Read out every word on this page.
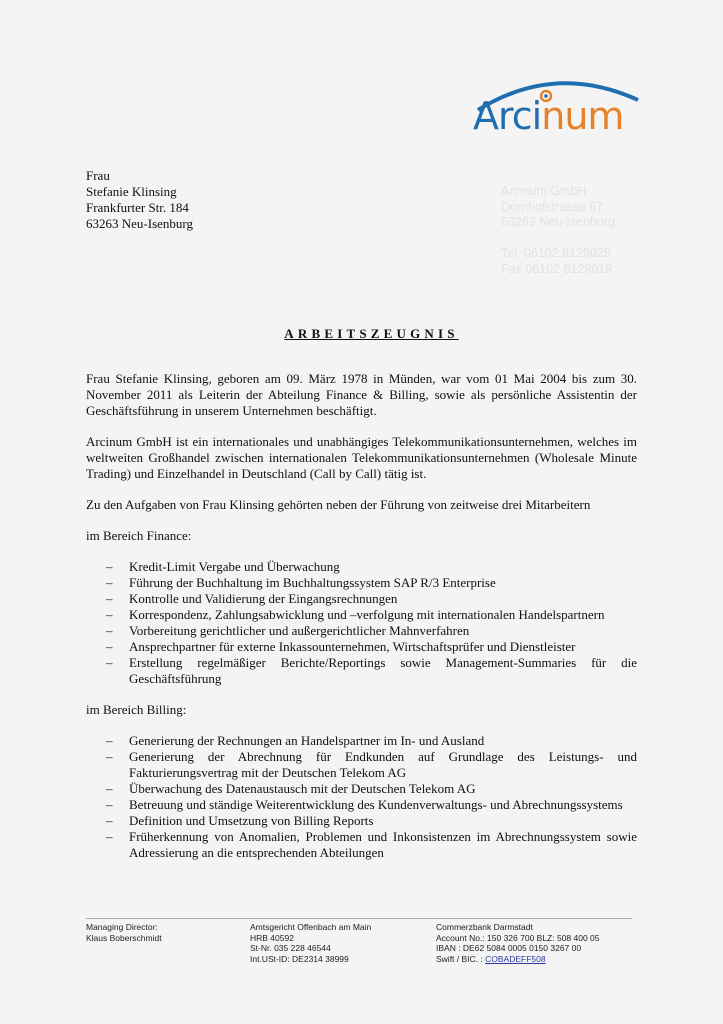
Arcinum
Frau
Stefanie Klinsing
Frankfurter Str. 184
63263 Neu-Isenburg
Arcinum GmbH
Dornhofstrasse 67
63263 Neu-Isenburg

Tel: 06102 8129025
Fax 06102 8129019
ARBEITSZEUGNIS

Frau Stefanie Klinsing, geboren am 09. März 1978 in Münden, war vom 01 Mai 2004 bis zum 30. November 2011 als Leiterin der Abteilung Finance & Billing, sowie als persönliche Assistentin der Geschäftsführung in unserem Unternehmen beschäftigt.

Arcinum GmbH ist ein internationales und unabhängiges Telekommunikationsunternehmen, welches im weltweiten Großhandel zwischen internationalen Telekommunikationsunternehmen (Wholesale Minute Trading) und Einzelhandel in Deutschland (Call by Call) tätig ist.

Zu den Aufgaben von Frau Klinsing gehörten neben der Führung von zeitweise drei Mitarbeitern

im Bereich Finance:

– Kredit-Limit Vergabe und Überwachung
– Führung der Buchhaltung im Buchhaltungssystem SAP R/3 Enterprise
– Kontrolle und Validierung der Eingangsrechnungen
– Korrespondenz, Zahlungsabwicklung und –verfolgung mit internationalen Handelspartnern
– Vorbereitung gerichtlicher und außergerichtlicher Mahnverfahren
– Ansprechpartner für externe Inkassounternehmen, Wirtschaftsprüfer und Dienstleister
– Erstellung regelmäßiger Berichte/Reportings sowie Management-Summaries für die Geschäftsführung

im Bereich Billing:

– Generierung der Rechnungen an Handelspartner im In- und Ausland
– Generierung der Abrechnung für Endkunden auf Grundlage des Leistungs- und Fakturierungsvertrag mit der Deutschen Telekom AG
– Überwachung des Datenaustausch mit der Deutschen Telekom AG
– Betreuung und ständige Weiterentwicklung des Kundenverwaltungs- und Abrechnungssystems
– Definition und Umsetzung von Billing Reports
– Früherkennung von Anomalien, Problemen und Inkonsistenzen im Abrechnungssystem sowie Adressierung an die entsprechenden Abteilungen
Managing Director:
Klaus Boberschmidt
Amtsgericht Offenbach am Main
HRB 40592
St-Nr. 035 228 46544
Int.USt-ID: DE2314 38999
Commerzbank Darmstadt
Account No.: 150 326 700 BLZ: 508 400 05
IBAN : DE62 5084 0005 0150 3267 00
Swift / BIC. : COBADEFF508
